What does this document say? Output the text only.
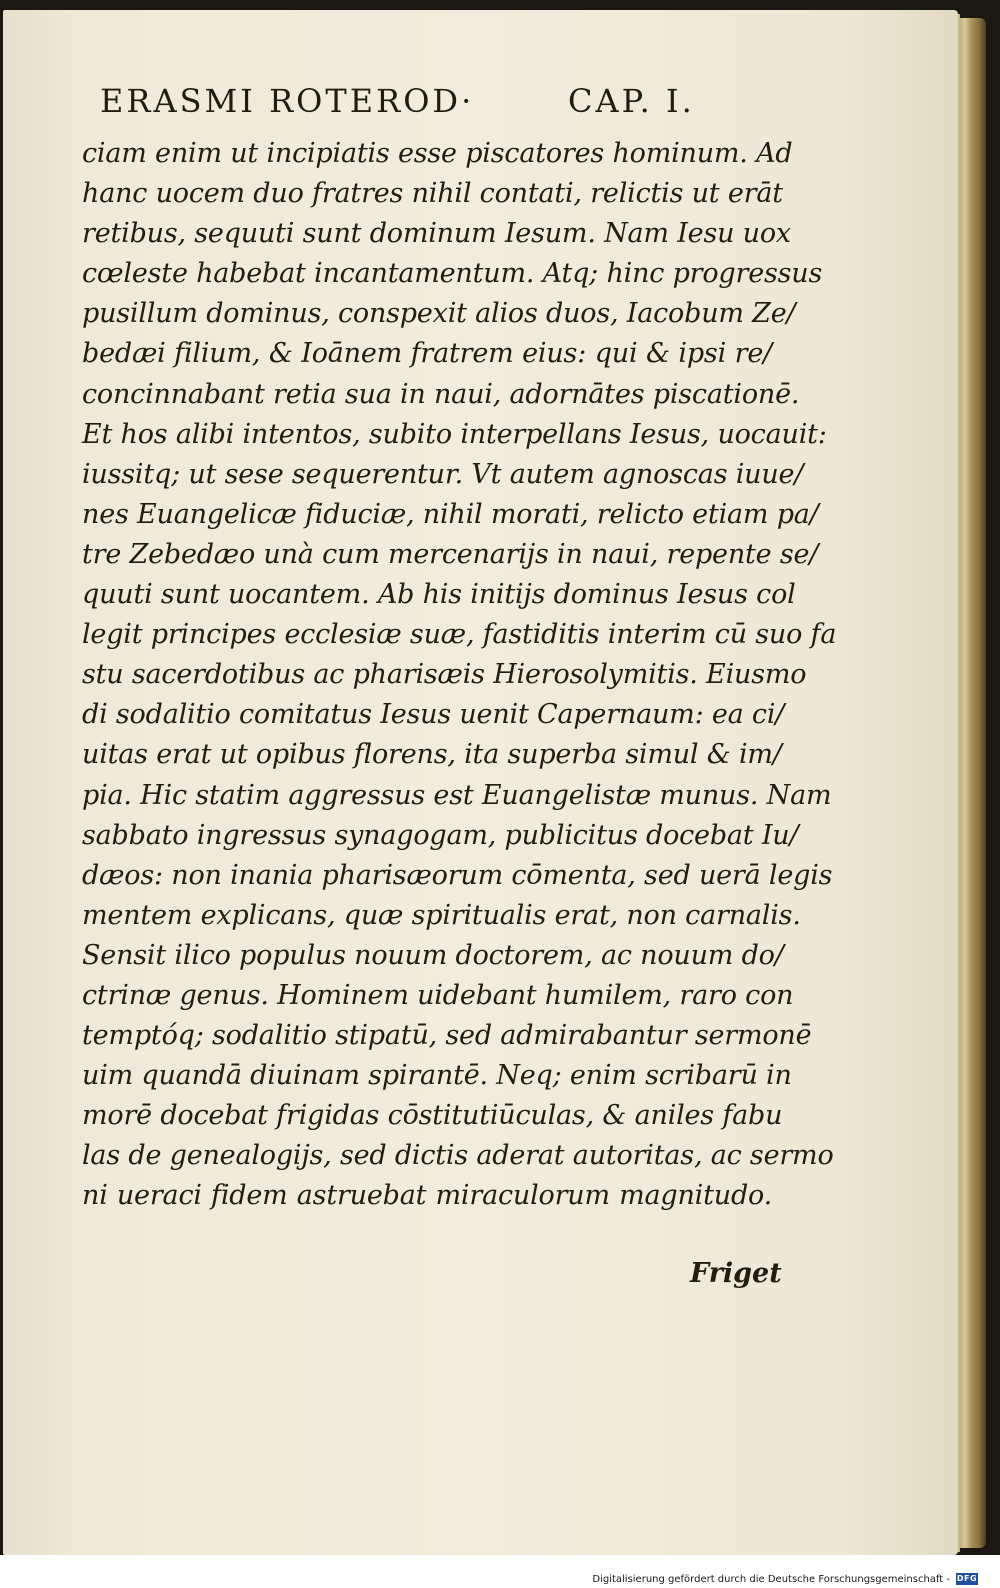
ERASMI ROTEROD·	CAP. I.
ciam enim ut incipiatis esse piscatores hominum. Ad
hanc uocem duo fratres nihil contati, relictis ut erāt
retibus, sequuti sunt dominum Iesum. Nam Iesu uox
cœleste habebat incantamentum. Atq; hinc progressus
pusillum dominus, conspexit alios duos, Iacobum Ze/
bedæi filium, & Ioānem fratrem eius: qui & ipsi re/
concinnabant retia sua in naui, adornātes piscationē.
Et hos alibi intentos, subito interpellans Iesus, uocauit:
iussitq; ut sese sequerentur. Vt autem agnoscas iuue/
nes Euangelicæ fiduciæ, nihil morati, relicto etiam pa/
tre Zebedæo unà cum mercenarijs in naui, repente se/
quuti sunt uocantem. Ab his initijs dominus Iesus col
legit principes ecclesiæ suæ, fastiditis interim cū suo fa
stu sacerdotibus ac pharisæis Hierosolymitis. Eiusmo
di sodalitio comitatus Iesus uenit Capernaum: ea ci/
uitas erat ut opibus florens, ita superba simul & im/
pia. Hic statim aggressus est Euangelistæ munus. Nam
sabbato ingressus synagogam, publicitus docebat Iu/
dæos: non inania pharisæorum cōmenta, sed uerā legis
mentem explicans, quæ spiritualis erat, non carnalis.
Sensit ilico populus nouum doctorem, ac nouum do/
ctrinæ genus. Hominem uidebant humilem, raro con
temptóq; sodalitio stipatū, sed admirabantur sermonē
uim quandā diuinam spirantē. Neq; enim scribarū in
morē docebat frigidas cōstitutiūculas, & aniles fabu
las de genealogijs, sed dictis aderat autoritas, ac sermo
ni ueraci fidem astruebat miraculorum magnitudo.
Friget
Digitalisierung gefördert durch die Deutsche Forschungsgemeinschaft - DFG
